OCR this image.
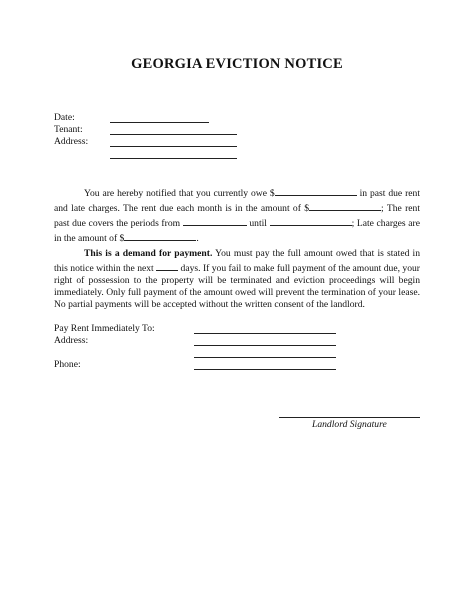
GEORGIA EVICTION NOTICE
Date:
Tenant:
Address:

You are hereby notified that you currently owe $	in past due rent and late charges. The rent due each month is in the amount of $	; The rent past due covers the periods from	until	; Late charges are in the amount of $	.

This is a demand for payment. You must pay the full amount owed that is stated in this notice within the next  days. If you fail to make full payment of the amount due, your right of possession to the property will be terminated and eviction proceedings will begin immediately. Only full payment of the amount owed will prevent the termination of your lease. No partial payments will be accepted without the written consent of the landlord.

Pay Rent Immediately To:
Address:
Phone:
Landlord Signature
